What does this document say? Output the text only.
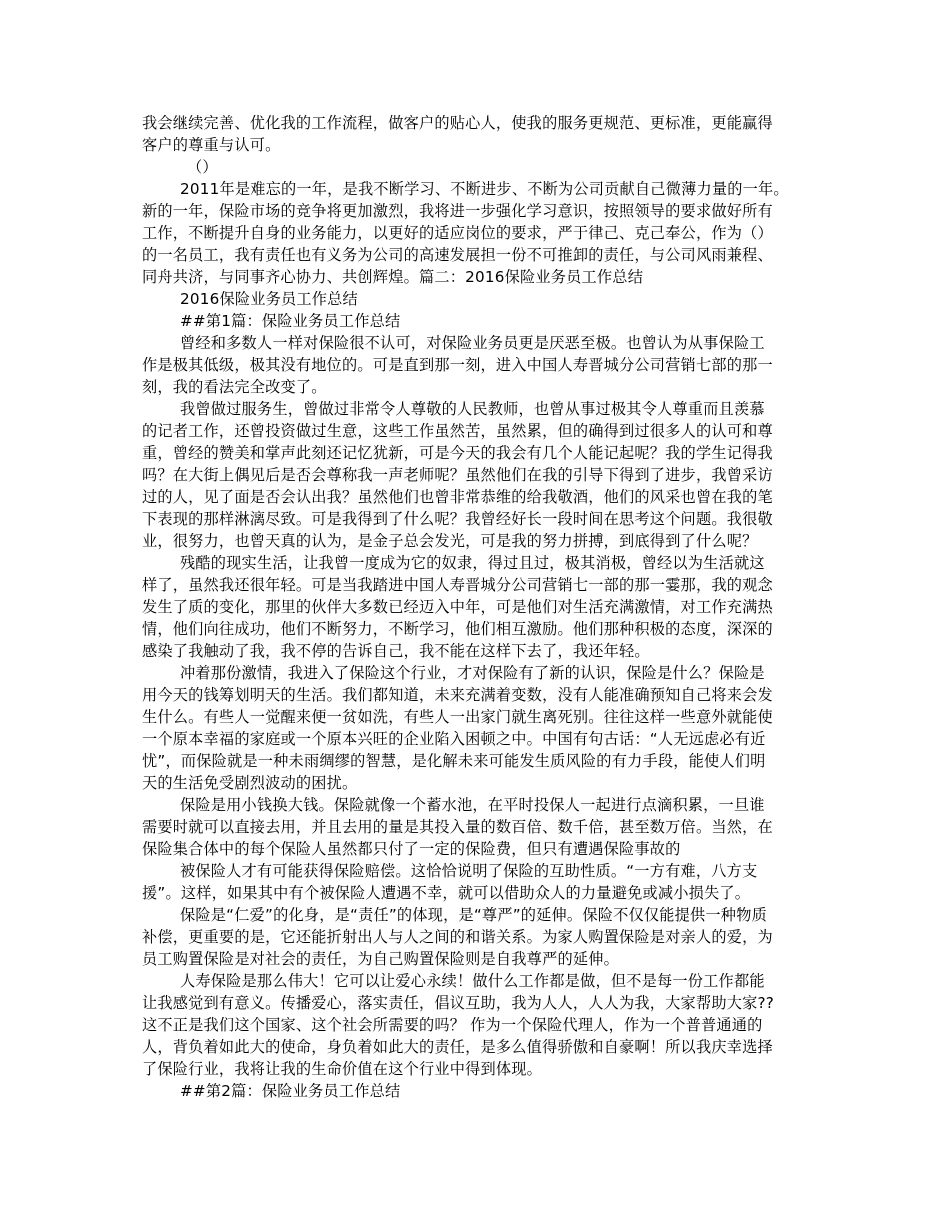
我会继续完善、优化我的工作流程，做客户的贴心人，使我的服务更规范、更标准，更能赢得
客户的尊重与认可。
（）
2011年是难忘的一年，是我不断学习、不断进步、不断为公司贡献自己微薄力量的一年。
新的一年，保险市场的竞争将更加激烈，我将进一步强化学习意识，按照领导的要求做好所有
工作，不断提升自身的业务能力，以更好的适应岗位的要求，严于律己、克己奉公，作为（）
的一名员工，我有责任也有义务为公司的高速发展担一份不可推卸的责任，与公司风雨兼程、
同舟共济，与同事齐心协力、共创辉煌。篇二：2016保险业务员工作总结
2016保险业务员工作总结
##第1篇：保险业务员工作总结
曾经和多数人一样对保险很不认可，对保险业务员更是厌恶至极。也曾认为从事保险工
作是极其低级，极其没有地位的。可是直到那一刻，进入中国人寿晋城分公司营销七部的那一
刻，我的看法完全改变了。
我曾做过服务生，曾做过非常令人尊敬的人民教师，也曾从事过极其令人尊重而且羡慕
的记者工作，还曾投资做过生意，这些工作虽然苦，虽然累，但的确得到过很多人的认可和尊
重，曾经的赞美和掌声此刻还记忆犹新，可是今天的我会有几个人能记起呢？我的学生记得我
吗？在大街上偶见后是否会尊称我一声老师呢？虽然他们在我的引导下得到了进步，我曾采访
过的人，见了面是否会认出我？虽然他们也曾非常恭维的给我敬酒，他们的风采也曾在我的笔
下表现的那样淋漓尽致。可是我得到了什么呢？我曾经好长一段时间在思考这个问题。我很敬
业，很努力，也曾天真的认为，是金子总会发光，可是我的努力拼搏，到底得到了什么呢？
残酷的现实生活，让我曾一度成为它的奴隶，得过且过，极其消极，曾经以为生活就这
样了，虽然我还很年轻。可是当我踏进中国人寿晋城分公司营销七一部的那一霎那，我的观念
发生了质的变化，那里的伙伴大多数已经迈入中年，可是他们对生活充满激情，对工作充满热
情，他们向往成功，他们不断努力，不断学习，他们相互激励。他们那种积极的态度，深深的
感染了我触动了我，我不停的告诉自己，我不能在这样下去了，我还年轻。
冲着那份激情，我进入了保险这个行业，才对保险有了新的认识，保险是什么？保险是
用今天的钱筹划明天的生活。我们都知道，未来充满着变数，没有人能准确预知自己将来会发
生什么。有些人一觉醒来便一贫如洗，有些人一出家门就生离死别。往往这样一些意外就能使
一个原本幸福的家庭或一个原本兴旺的企业陷入困顿之中。中国有句古话：“人无远虑必有近
忧”，而保险就是一种未雨绸缪的智慧，是化解未来可能发生质风险的有力手段，能使人们明
天的生活免受剧烈波动的困扰。
保险是用小钱换大钱。保险就像一个蓄水池，在平时投保人一起进行点滴积累，一旦谁
需要时就可以直接去用，并且去用的量是其投入量的数百倍、数千倍，甚至数万倍。当然，在
保险集合体中的每个保险人虽然都只付了一定的保险费，但只有遭遇保险事故的
被保险人才有可能获得保险赔偿。这恰恰说明了保险的互助性质。“一方有难，八方支
援”。这样，如果其中有个被保险人遭遇不幸，就可以借助众人的力量避免或减小损失了。
保险是“仁爱”的化身，是“责任”的体现，是“尊严”的延伸。保险不仅仅能提供一种物质
补偿，更重要的是，它还能折射出人与人之间的和谐关系。为家人购置保险是对亲人的爱，为
员工购置保险是对社会的责任，为自己购置保险则是自我尊严的延伸。
人寿保险是那么伟大！它可以让爱心永续！做什么工作都是做，但不是每一份工作都能
让我感觉到有意义。传播爱心，落实责任，倡议互助，我为人人，人人为我，大家帮助大家??
这不正是我们这个国家、这个社会所需要的吗？ 作为一个保险代理人，作为一个普普通通的
人，背负着如此大的使命，身负着如此大的责任，是多么值得骄傲和自豪啊！所以我庆幸选择
了保险行业，我将让我的生命价值在这个行业中得到体现。
##第2篇：保险业务员工作总结
